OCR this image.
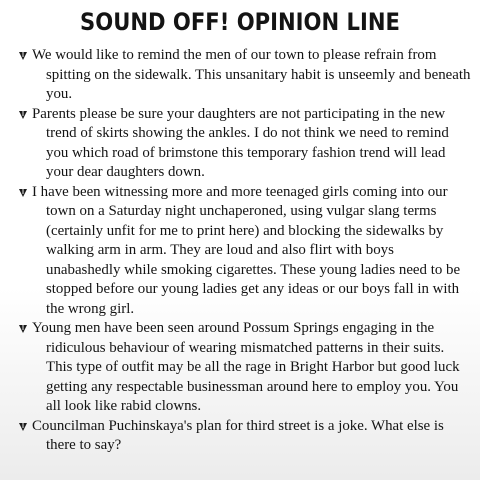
SOUND OFF! OPINION LINE
We would like to remind the men of our town to please refrain from spitting on the sidewalk. This unsanitary habit is unseemly and beneath you.
Parents please be sure your daughters are not participating in the new trend of skirts showing the ankles. I do not think we need to remind you which road of brimstone this temporary fashion trend will lead your dear daughters down.
I have been witnessing more and more teenaged girls coming into our town on a Saturday night unchaperoned, using vulgar slang terms (certainly unfit for me to print here) and blocking the sidewalks by walking arm in arm. They are loud and also flirt with boys unabashedly while smoking cigarettes. These young ladies need to be stopped before our young ladies get any ideas or our boys fall in with the wrong girl.
Young men have been seen around Possum Springs engaging in the ridiculous behaviour of wearing mismatched patterns in their suits. This type of outfit may be all the rage in Bright Harbor but good luck getting any respectable businessman around here to employ you. You all look like rabid clowns.
Councilman Puchinskaya's plan for third street is a joke. What else is there to say?
